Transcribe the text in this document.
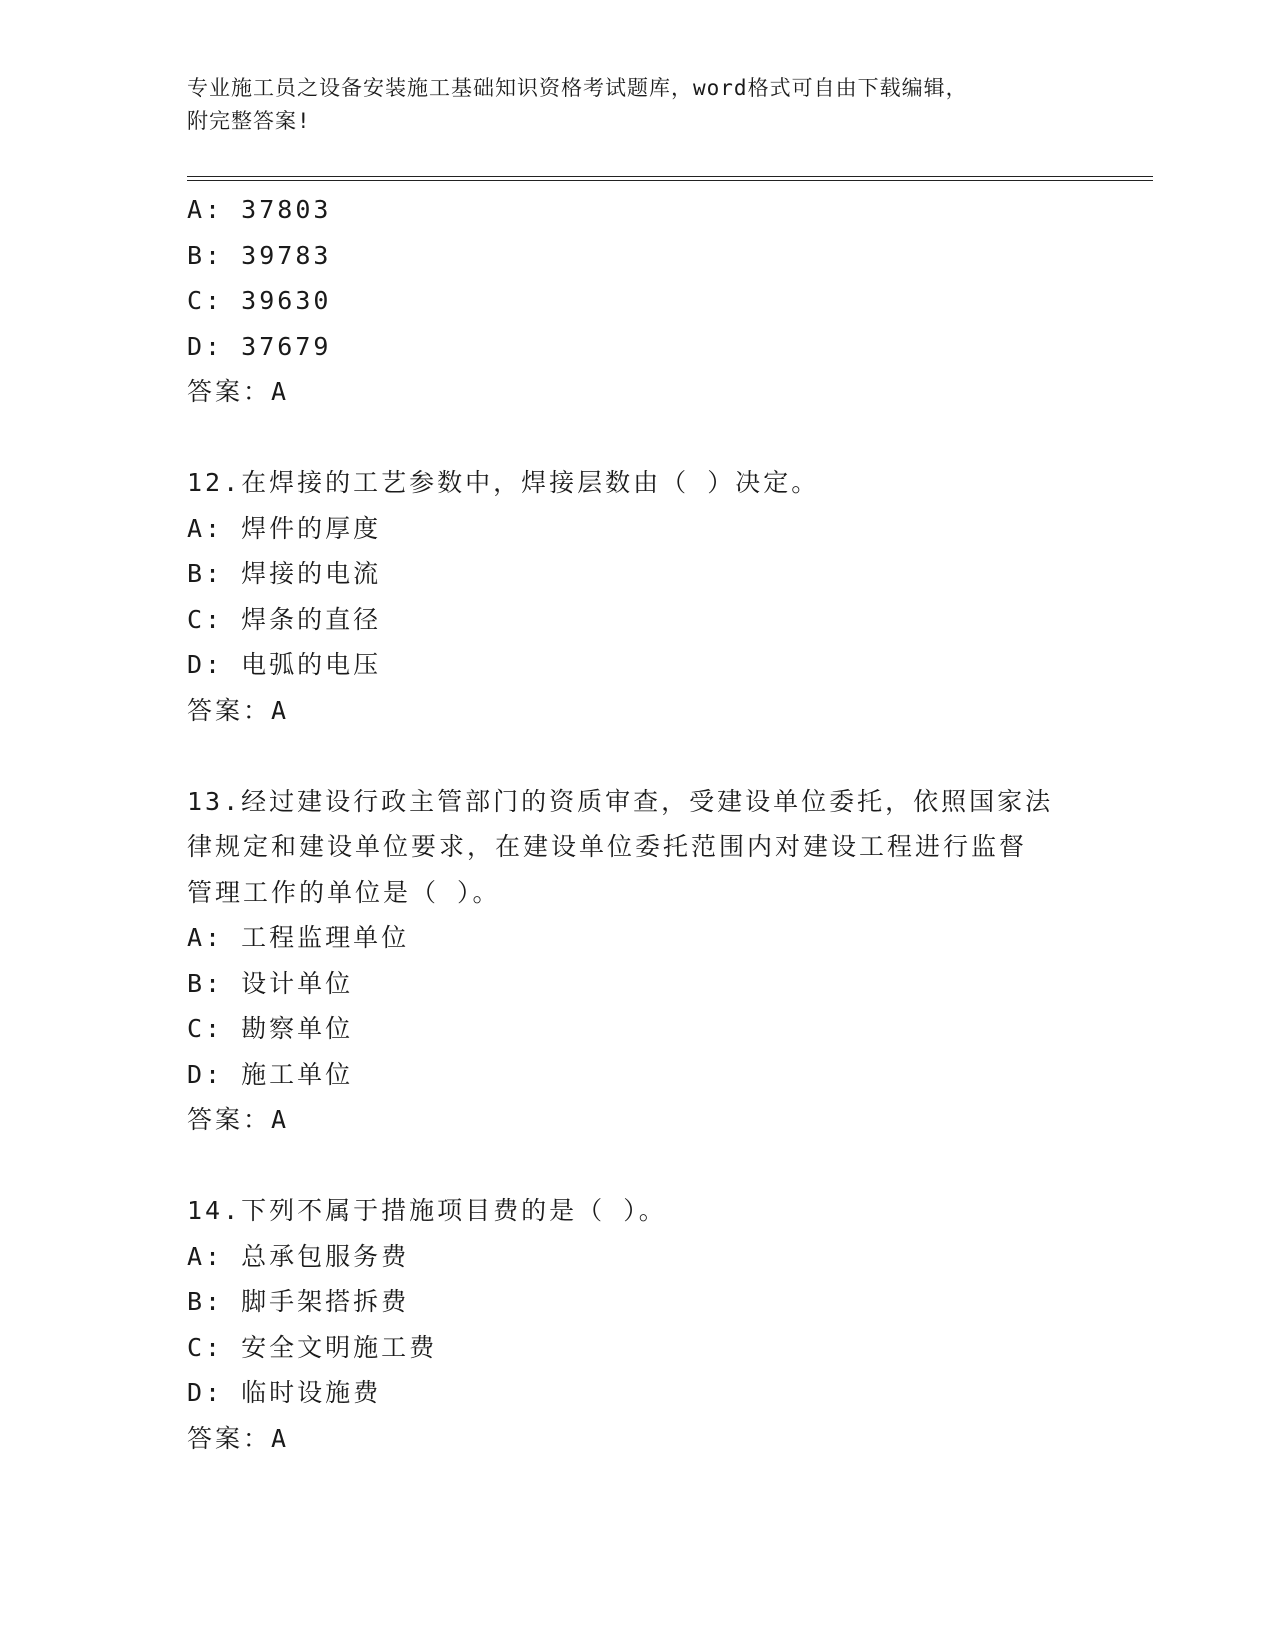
专业施工员之设备安装施工基础知识资格考试题库，word格式可自由下载编辑，
附完整答案!
A: 37803
B: 39783
C: 39630
D: 37679
答案：A
12.在焊接的工艺参数中，焊接层数由（ ）决定。
A: 焊件的厚度
B: 焊接的电流
C: 焊条的直径
D: 电弧的电压
答案：A
13.经过建设行政主管部门的资质审查，受建设单位委托，依照国家法
律规定和建设单位要求，在建设单位委托范围内对建设工程进行监督
管理工作的单位是（ ）。
A: 工程监理单位
B: 设计单位
C: 勘察单位
D: 施工单位
答案：A
14.下列不属于措施项目费的是（ ）。
A: 总承包服务费
B: 脚手架搭拆费
C: 安全文明施工费
D: 临时设施费
答案：A
